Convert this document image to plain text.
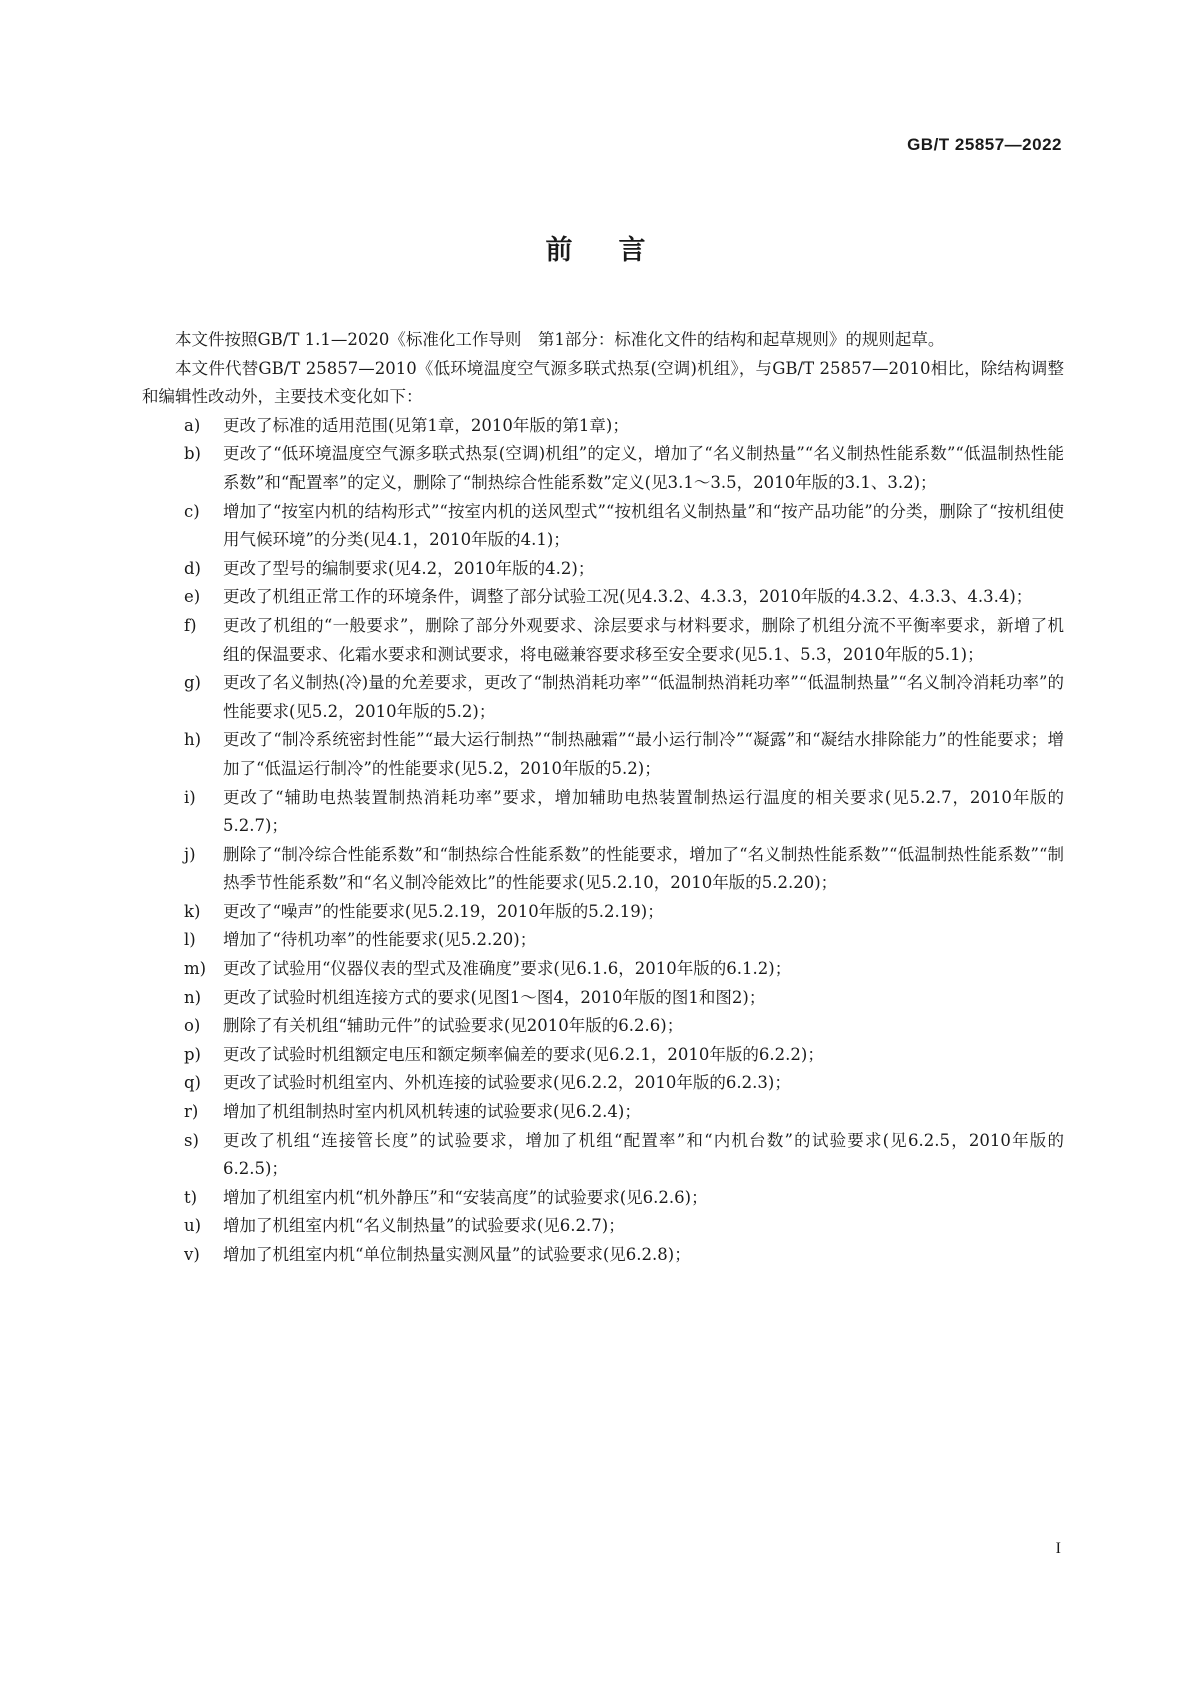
GB/T 25857—2022
前言

本文件按照GB/T 1.1—2020《标准化工作导则　第1部分：标准化文件的结构和起草规则》的规则起草。

本文件代替GB/T 25857—2010《低环境温度空气源多联式热泵(空调)机组》，与GB/T 25857—2010相比，除结构调整和编辑性改动外，主要技术变化如下：

a) 更改了标准的适用范围(见第1章，2010年版的第1章)；
b) 更改了“低环境温度空气源多联式热泵(空调)机组”的定义，增加了“名义制热量”“名义制热性能系数”“低温制热性能系数”和“配置率”的定义，删除了“制热综合性能系数”定义(见3.1～3.5，2010年版的3.1、3.2)；
c) 增加了“按室内机的结构形式”“按室内机的送风型式”“按机组名义制热量”和“按产品功能”的分类，删除了“按机组使用气候环境”的分类(见4.1，2010年版的4.1)；
d) 更改了型号的编制要求(见4.2，2010年版的4.2)；
e) 更改了机组正常工作的环境条件，调整了部分试验工况(见4.3.2、4.3.3，2010年版的4.3.2、4.3.3、4.3.4)；
f) 更改了机组的“一般要求”，删除了部分外观要求、涂层要求与材料要求，删除了机组分流不平衡率要求，新增了机组的保温要求、化霜水要求和测试要求，将电磁兼容要求移至安全要求(见5.1、5.3，2010年版的5.1)；
g) 更改了名义制热(冷)量的允差要求，更改了“制热消耗功率”“低温制热消耗功率”“低温制热量”“名义制冷消耗功率”的性能要求(见5.2，2010年版的5.2)；
h) 更改了“制冷系统密封性能”“最大运行制热”“制热融霜”“最小运行制冷”“凝露”和“凝结水排除能力”的性能要求；增加了“低温运行制冷”的性能要求(见5.2，2010年版的5.2)；
i) 更改了“辅助电热装置制热消耗功率”要求，增加辅助电热装置制热运行温度的相关要求(见5.2.7，2010年版的5.2.7)；
j) 删除了“制冷综合性能系数”和“制热综合性能系数”的性能要求，增加了“名义制热性能系数”“低温制热性能系数”“制热季节性能系数”和“名义制冷能效比”的性能要求(见5.2.10，2010年版的5.2.20)；
k) 更改了“噪声”的性能要求(见5.2.19，2010年版的5.2.19)；
l) 增加了“待机功率”的性能要求(见5.2.20)；
m) 更改了试验用“仪器仪表的型式及准确度”要求(见6.1.6，2010年版的6.1.2)；
n) 更改了试验时机组连接方式的要求(见图1～图4，2010年版的图1和图2)；
o) 删除了有关机组“辅助元件”的试验要求(见2010年版的6.2.6)；
p) 更改了试验时机组额定电压和额定频率偏差的要求(见6.2.1，2010年版的6.2.2)；
q) 更改了试验时机组室内、外机连接的试验要求(见6.2.2，2010年版的6.2.3)；
r) 增加了机组制热时室内机风机转速的试验要求(见6.2.4)；
s) 更改了机组“连接管长度”的试验要求，增加了机组“配置率”和“内机台数”的试验要求(见6.2.5，2010年版的6.2.5)；
t) 增加了机组室内机“机外静压”和“安装高度”的试验要求(见6.2.6)；
u) 增加了机组室内机“名义制热量”的试验要求(见6.2.7)；
v) 增加了机组室内机“单位制热量实测风量”的试验要求(见6.2.8)；
I
